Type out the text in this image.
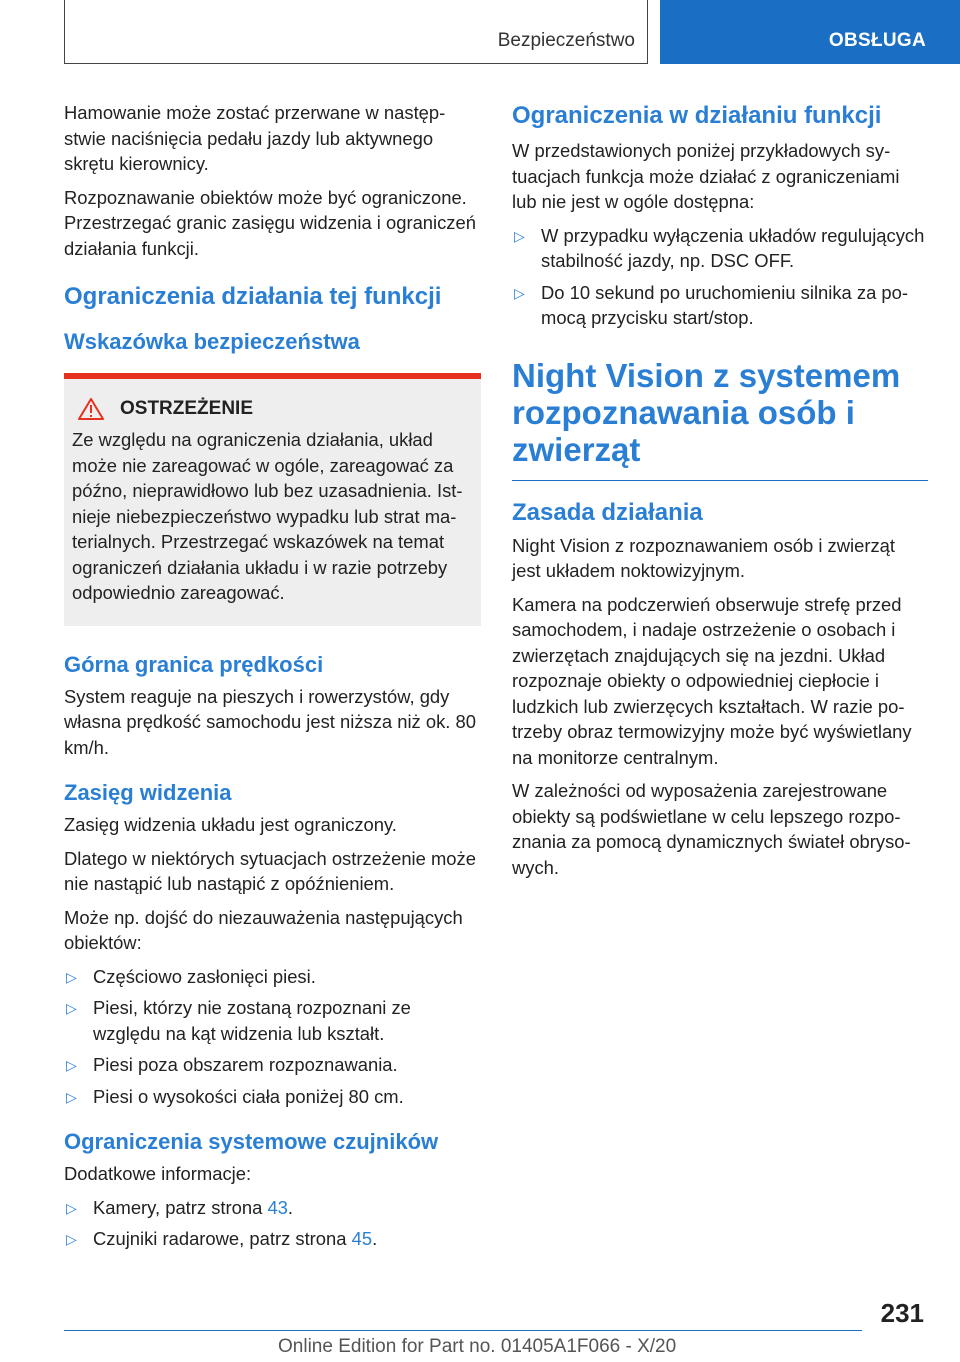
Bezpieczeństwo	OBSŁUGA

Hamowanie może zostać przerwane w następstwie naciśnięcia pedału jazdy lub aktywnego skrętu kierownicy.

Rozpoznawanie obiektów może być ograniczone. Przestrzegać granic zasięgu widzenia i ograniczeń działania funkcji.

Ograniczenia działania tej funkcji
Wskazówka bezpieczeństwa
OSTRZEŻENIE

Ze względu na ograniczenia działania, układ może nie zareagować w ogóle, zareagować za późno, nieprawidłowo lub bez uzasadnienia. Istnieje niebezpieczeństwo wypadku lub strat materialnych. Przestrzegać wskazówek na temat ograniczeń działania układu i w razie potrzeby odpowiednio zareagować.

Górna granica prędkości

System reaguje na pieszych i rowerzystów, gdy własna prędkość samochodu jest niższa niż ok. 80 km/h.

Zasięg widzenia

Zasięg widzenia układu jest ograniczony.

Dlatego w niektórych sytuacjach ostrzeżenie może nie nastąpić lub nastąpić z opóźnieniem.

Może np. dojść do niezauważenia następujących obiektów:

▷ Częściowo zasłonięci piesi.
▷ Piesi, którzy nie zostaną rozpoznani ze względu na kąt widzenia lub kształt.
▷ Piesi poza obszarem rozpoznawania.
▷ Piesi o wysokości ciała poniżej 80 cm.
Ograniczenia systemowe czujników

Dodatkowe informacje:

▷ Kamery, patrz strona 43.
▷ Czujniki radarowe, patrz strona 45.
Ograniczenia w działaniu funkcji

W przedstawionych poniżej przykładowych sytuacjach funkcja może działać z ograniczeniami lub nie jest w ogóle dostępna:

▷ W przypadku wyłączenia układów regulujących stabilność jazdy, np. DSC OFF.
▷ Do 10 sekund po uruchomieniu silnika za pomocą przycisku start/stop.
Night Vision z systemem rozpoznawania osób i zwierząt
Zasada działania

Night Vision z rozpoznawaniem osób i zwierząt jest układem noktowizyjnym.

Kamera na podczerwień obserwuje strefę przed samochodem, i nadaje ostrzeżenie o osobach i zwierzętach znajdujących się na jezdni. Układ rozpoznaje obiekty o odpowiedniej ciepłocie i ludzkich lub zwierzęcych kształtach. W razie potrzeby obraz termowizyjny może być wyświetlany na monitorze centralnym.

W zależności od wyposażenia zarejestrowane obiekty są podświetlane w celu lepszego rozpoznania za pomocą dynamicznych świateł obrysowych.

231
Online Edition for Part no. 01405A1F066 - X/20
